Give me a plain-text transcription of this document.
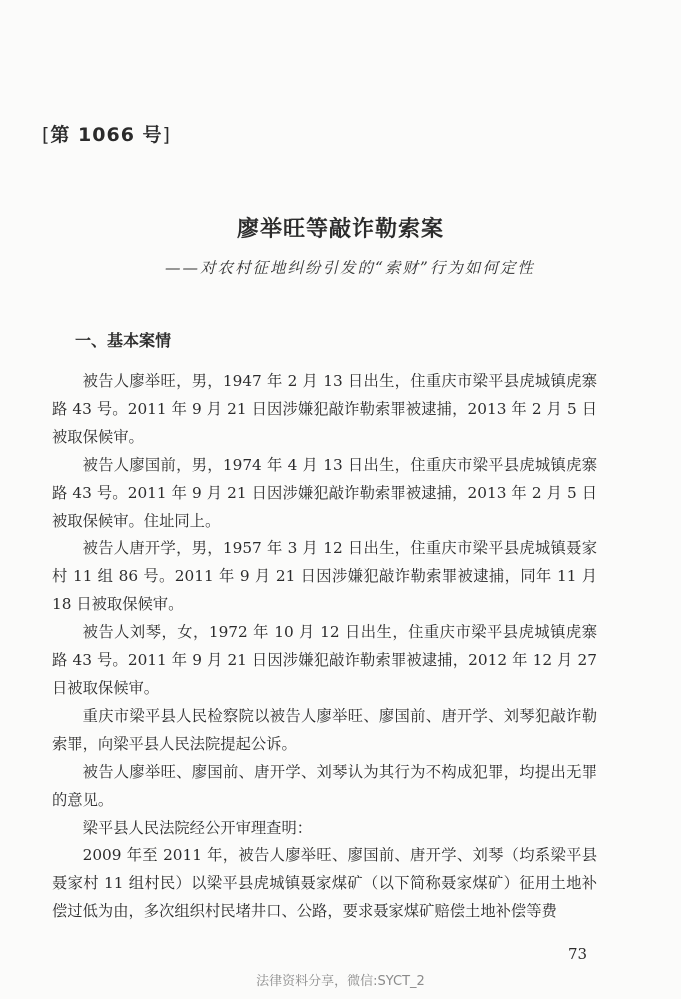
[第 1066 号]
廖举旺等敲诈勒索案
——对农村征地纠纷引发的“索财”行为如何定性
一、基本案情

被告人廖举旺，男，1947 年 2 月 13 日出生，住重庆市梁平县虎城镇虎寨路 43 号。2011 年 9 月 21 日因涉嫌犯敲诈勒索罪被逮捕，2013 年 2 月 5 日被取保候审。

被告人廖国前，男，1974 年 4 月 13 日出生，住重庆市梁平县虎城镇虎寨路 43 号。2011 年 9 月 21 日因涉嫌犯敲诈勒索罪被逮捕，2013 年 2 月 5 日被取保候审。住址同上。

被告人唐开学，男，1957 年 3 月 12 日出生，住重庆市梁平县虎城镇聂家村 11 组 86 号。2011 年 9 月 21 日因涉嫌犯敲诈勒索罪被逮捕，同年 11 月 18 日被取保候审。

被告人刘琴，女，1972 年 10 月 12 日出生，住重庆市梁平县虎城镇虎寨路 43 号。2011 年 9 月 21 日因涉嫌犯敲诈勒索罪被逮捕，2012 年 12 月 27 日被取保候审。

重庆市梁平县人民检察院以被告人廖举旺、廖国前、唐开学、刘琴犯敲诈勒索罪，向梁平县人民法院提起公诉。

被告人廖举旺、廖国前、唐开学、刘琴认为其行为不构成犯罪，均提出无罪的意见。

梁平县人民法院经公开审理查明：

2009 年至 2011 年，被告人廖举旺、廖国前、唐开学、刘琴（均系梁平县聂家村 11 组村民）以梁平县虎城镇聂家煤矿（以下简称聂家煤矿）征用土地补偿过低为由，多次组织村民堵井口、公路，要求聂家煤矿赔偿土地补偿等费

73
法律资料分享，微信:SYCT_2
